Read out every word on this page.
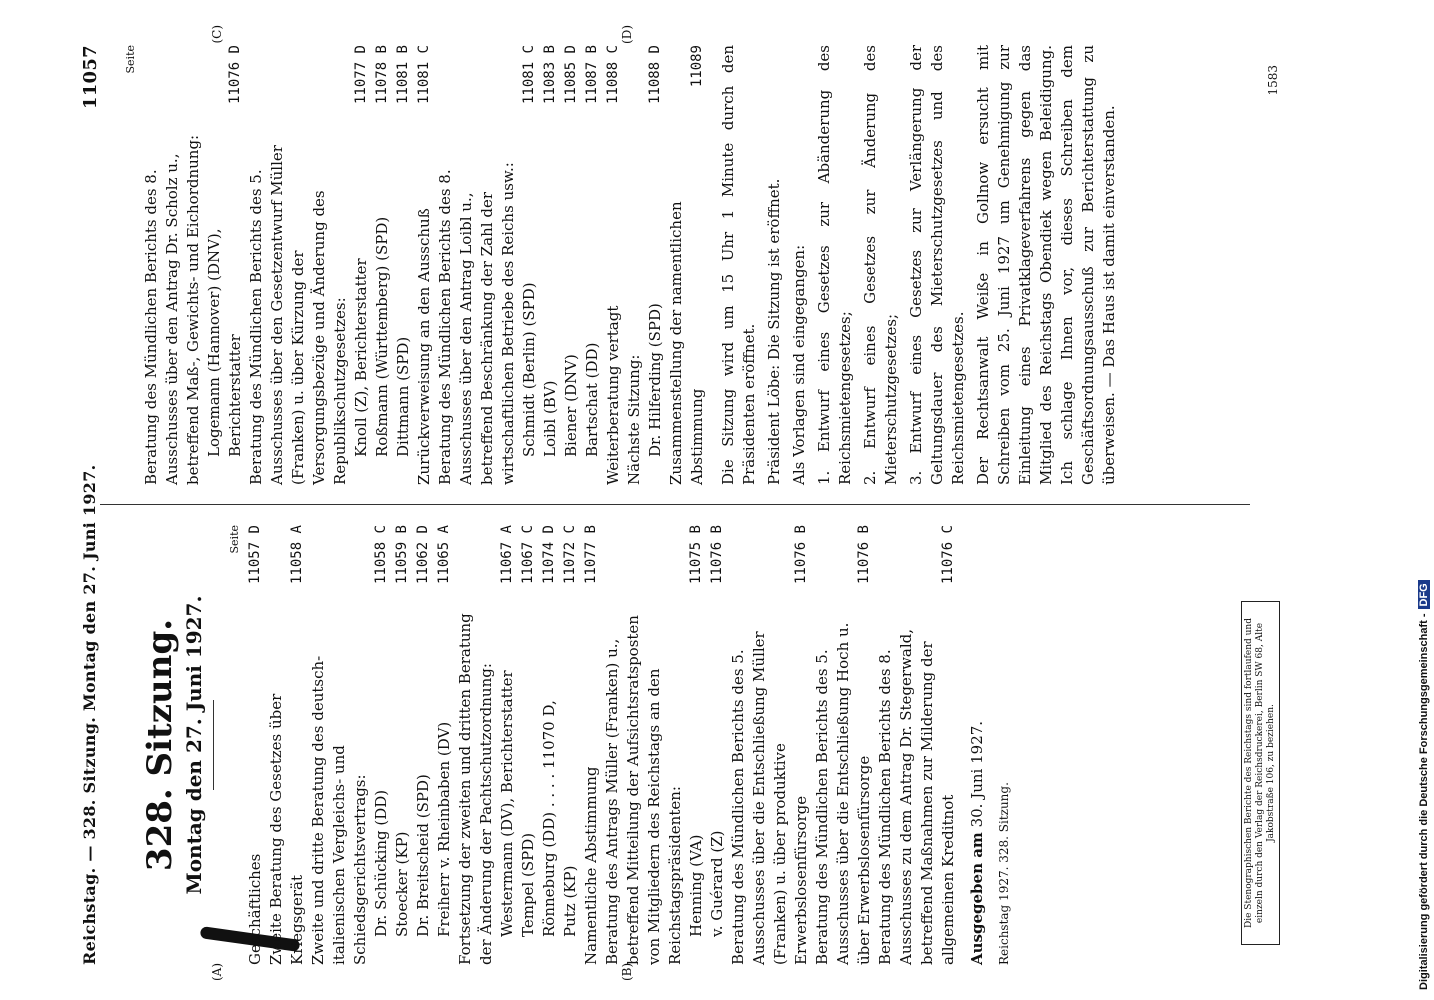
Reichstag. — 328. Sitzung. Montag den 27. Juni 1927.
11057
(A)	(B)
(C)	(D)
328. Sitzung. Montag den 27. Juni 1927.
Seite
Geschäftliches
11057 D
Zweite Beratung des Gesetzes über Kriegsgerät
11058 A
Zweite und dritte Beratung des deutsch-italienischen Vergleichs- und Schiedsgerichtsvertrags: Dr. Schücking (DD)
11058 C
Stoecker (KP)
11059 B
Dr. Breitscheid (SPD)
11062 D
Freiherr v. Rheinbaben (DV)
11065 A
Fortsetzung der zweiten und dritten Beratung der Änderung der Pachtschutzordnung: Westermann (DV), Berichterstatter
11067 A
Tempel (SPD)
11067 C
Rönneburg (DD) . . . . 11070 D,
11074 D
Putz (KP)
11072 C
Namentliche Abstimmung
11077 B
Beratung des Antrags Müller (Franken) u., betreffend Mitteilung der Aufsichtsratsposten von Mitgliedern des Reichstags an den Reichstagspräsidenten: Henning (VA)
11075 B
v. Guérard (Z)
11076 B
Beratung des Mündlichen Berichts des 5. Ausschusses über die Entschließung Müller (Franken) u. über produktive Erwerbslosenfürsorge
11076 B
Beratung des Mündlichen Berichts des 5. Ausschusses über die Entschließung Hoch u. über Erwerbslosenfürsorge
11076 B
Beratung des Mündlichen Berichts des 8. Ausschusses zu dem Antrag Dr. Stegerwald, betreffend Maßnahmen zur Milderung der allgemeinen Kreditnot
11076 C
Ausgegeben am 30. Juni 1927.
Reichstag 1927. 328. Sitzung.
Seite
Beratung des Mündlichen Berichts des 8. Ausschusses über den Antrag Dr. Scholz u., betreffend Maß-, Gewichts- und Eichordnung: Logemann (Hannover) (DNV), Berichterstatter
11076 D
Beratung des Mündlichen Berichts des 5. Ausschusses über den Gesetzentwurf Müller (Franken) u. über Kürzung der Versorgungsbezüge und Änderung des Republikschutzgesetzes: Knoll (Z), Berichterstatter
11077 D
Roßmann (Württemberg) (SPD)
11078 B
Dittmann (SPD)
11081 B
Zurückverweisung an den Ausschuß
11081 C
Beratung des Mündlichen Berichts des 8. Ausschusses über den Antrag Loibl u., betreffend Beschränkung der Zahl der wirtschaftlichen Betriebe des Reichs usw.: Schmidt (Berlin) (SPD)
11081 C
Loibl (BV)
11083 B
Biener (DNV)
11085 D
Bartschat (DD)
11087 B
Weiterberatung vertagt
11088 C
Nächste Sitzung: Dr. Hilferding (SPD)
11088 D
Zusammenstellung der namentlichen Abstimmung
11089 Die Sitzung wird um 15 Uhr 1 Minute durch den Präsidenten eröffnet. Präsident Löbe: Die Sitzung ist eröffnet. Als Vorlagen sind eingegangen: 1. Entwurf eines Gesetzes zur Abänderung des Reichsmietengesetzes; 2. Entwurf eines Gesetzes zur Änderung des Mieterschutzgesetzes; 3. Entwurf eines Gesetzes zur Verlängerung der Geltungsdauer des Mieterschutzgesetzes und des Reichsmietengesetzes. Der Rechtsanwalt Weiße in Gollnow ersucht mit Schreiben vom 25. Juni 1927 um Genehmigung zur Einleitung eines Privatklageverfahrens gegen das Mitglied des Reichstags Obendiek wegen Beleidigung. Ich schlage Ihnen vor, dieses Schreiben dem Geschäftsordnungsausschuß zur Berichterstattung zu überweisen. — Das Haus ist damit einverstanden.
Die Stenographischen Berichte des Reichstags sind fortlaufend und einzeln durch den Verlag der Reichsdruckerei, Berlin SW 68, Alte Jakobstraße 106, zu beziehen.
1583
Digitalisierung gefördert durch die Deutsche Forschungsgemeinschaft -DFG
